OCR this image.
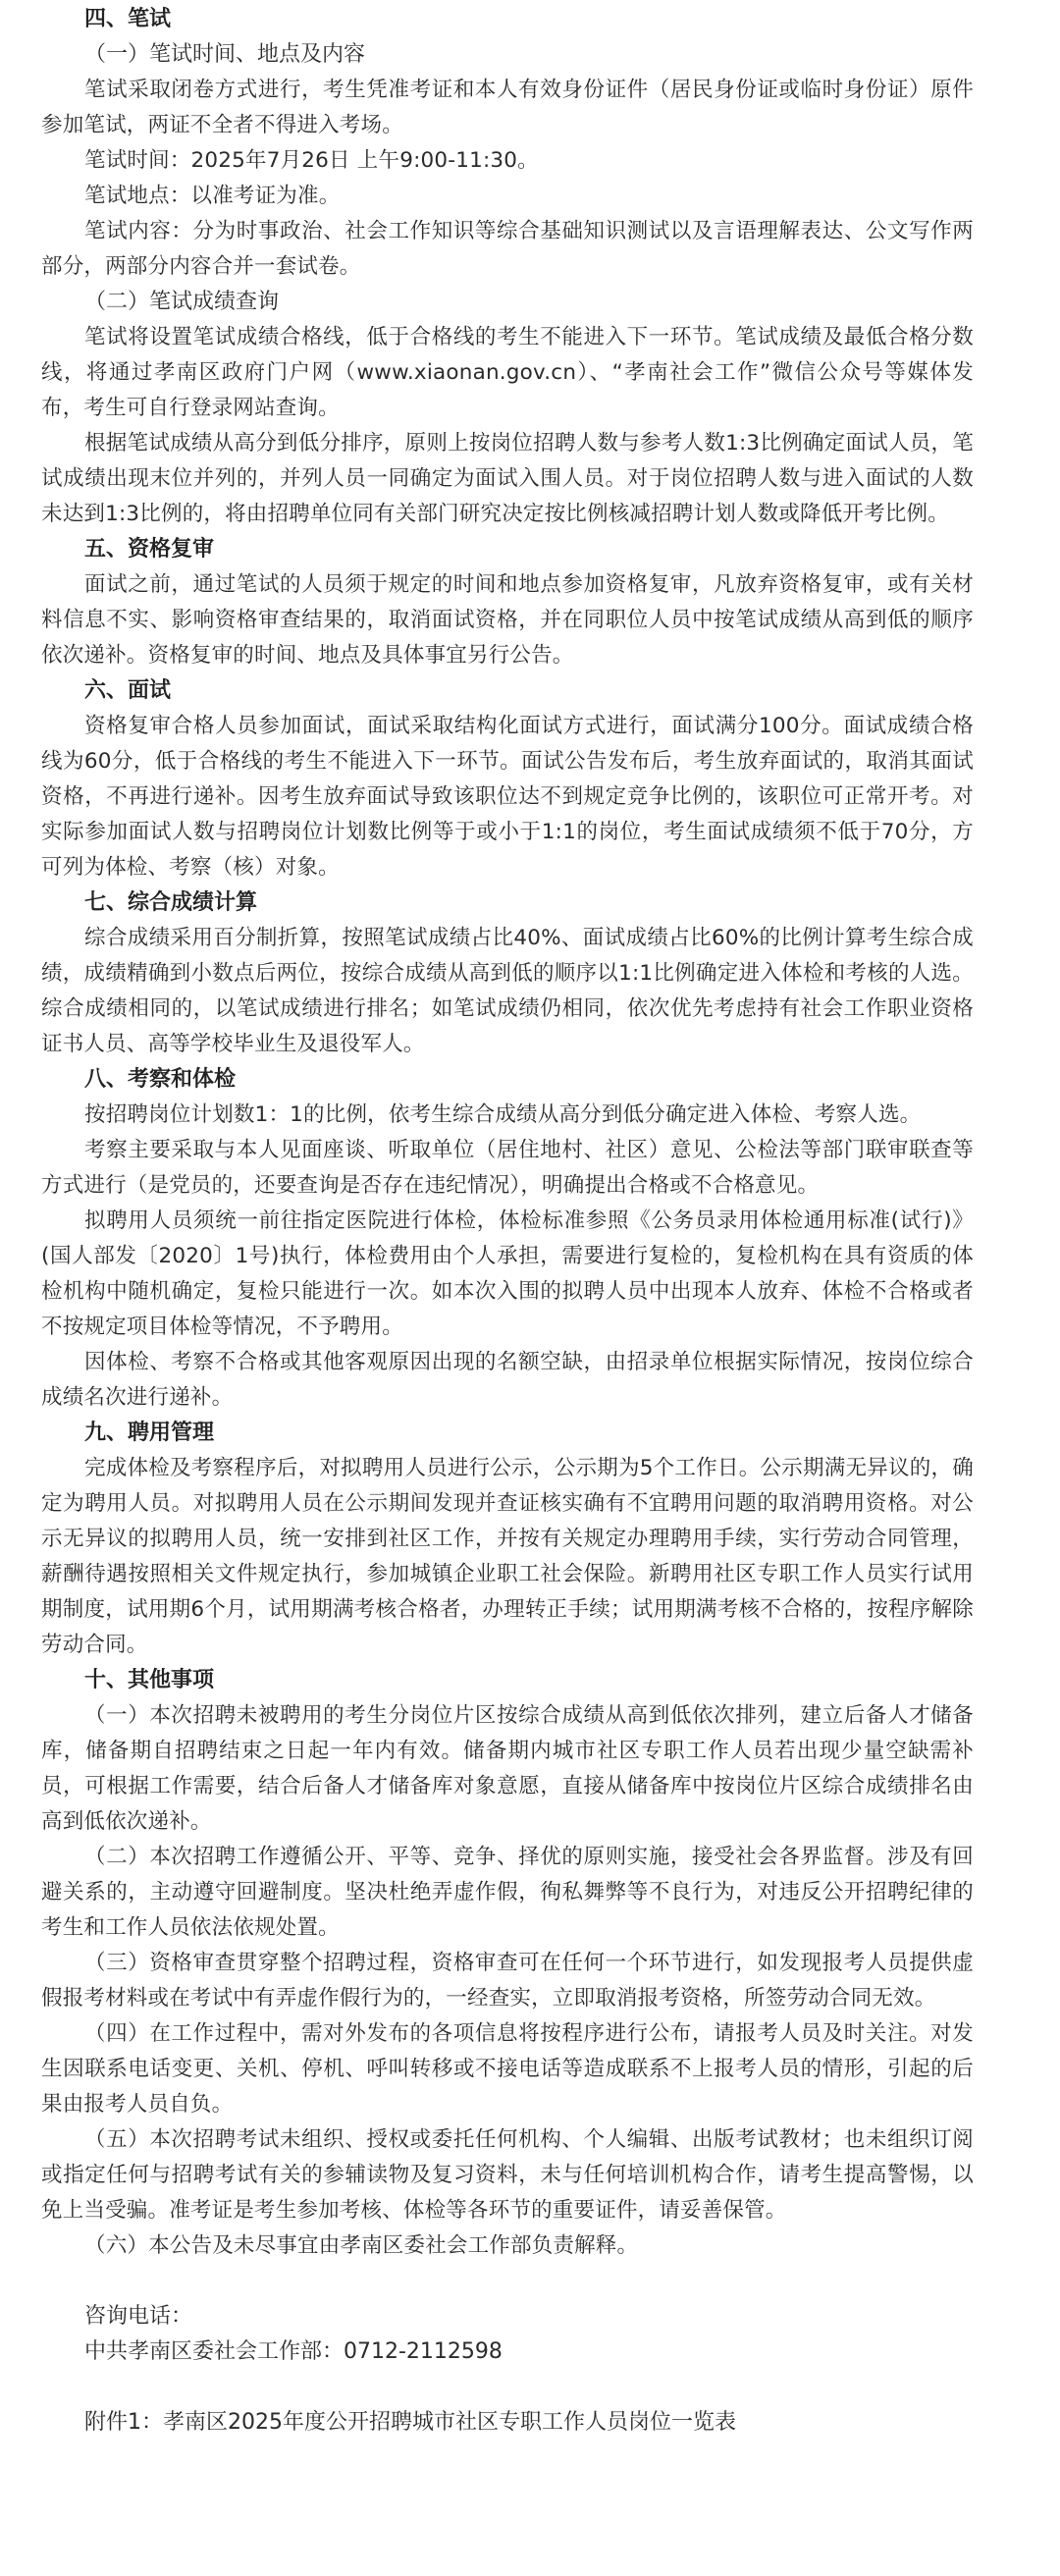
四、笔试

（一）笔试时间、地点及内容

笔试采取闭卷方式进行，考生凭准考证和本人有效身份证件（居民身份证或临时身份证）原件参加笔试，两证不全者不得进入考场。

笔试时间：2025年7月26日 上午9:00-11:30。

笔试地点：以准考证为准。

笔试内容：分为时事政治、社会工作知识等综合基础知识测试以及言语理解表达、公文写作两部分，两部分内容合并一套试卷。

（二）笔试成绩查询

笔试将设置笔试成绩合格线，低于合格线的考生不能进入下一环节。笔试成绩及最低合格分数线，将通过孝南区政府门户网（www.xiaonan.gov.cn）、“孝南社会工作”微信公众号等媒体发布，考生可自行登录网站查询。

根据笔试成绩从高分到低分排序，原则上按岗位招聘人数与参考人数1:3比例确定面试人员，笔试成绩出现末位并列的，并列人员一同确定为面试入围人员。对于岗位招聘人数与进入面试的人数未达到1:3比例的，将由招聘单位同有关部门研究决定按比例核减招聘计划人数或降低开考比例。

五、资格复审

面试之前，通过笔试的人员须于规定的时间和地点参加资格复审，凡放弃资格复审，或有关材料信息不实、影响资格审查结果的，取消面试资格，并在同职位人员中按笔试成绩从高到低的顺序依次递补。资格复审的时间、地点及具体事宜另行公告。

六、面试

资格复审合格人员参加面试，面试采取结构化面试方式进行，面试满分100分。面试成绩合格线为60分，低于合格线的考生不能进入下一环节。面试公告发布后，考生放弃面试的，取消其面试资格，不再进行递补。因考生放弃面试导致该职位达不到规定竞争比例的，该职位可正常开考。对实际参加面试人数与招聘岗位计划数比例等于或小于1:1的岗位，考生面试成绩须不低于70分，方可列为体检、考察（核）对象。

七、综合成绩计算

综合成绩采用百分制折算，按照笔试成绩占比40%、面试成绩占比60%的比例计算考生综合成绩，成绩精确到小数点后两位，按综合成绩从高到低的顺序以1:1比例确定进入体检和考核的人选。综合成绩相同的，以笔试成绩进行排名；如笔试成绩仍相同，依次优先考虑持有社会工作职业资格证书人员、高等学校毕业生及退役军人。

八、考察和体检

按招聘岗位计划数1：1的比例，依考生综合成绩从高分到低分确定进入体检、考察人选。

考察主要采取与本人见面座谈、听取单位（居住地村、社区）意见、公检法等部门联审联查等方式进行（是党员的，还要查询是否存在违纪情况），明确提出合格或不合格意见。

拟聘用人员须统一前往指定医院进行体检，体检标准参照《公务员录用体检通用标准(试行)》(国人部发〔2020〕1号)执行，体检费用由个人承担，需要进行复检的，复检机构在具有资质的体检机构中随机确定，复检只能进行一次。如本次入围的拟聘人员中出现本人放弃、体检不合格或者不按规定项目体检等情况，不予聘用。

因体检、考察不合格或其他客观原因出现的名额空缺，由招录单位根据实际情况，按岗位综合成绩名次进行递补。

九、聘用管理

完成体检及考察程序后，对拟聘用人员进行公示，公示期为5个工作日。公示期满无异议的，确定为聘用人员。对拟聘用人员在公示期间发现并查证核实确有不宜聘用问题的取消聘用资格。对公示无异议的拟聘用人员，统一安排到社区工作，并按有关规定办理聘用手续，实行劳动合同管理，薪酬待遇按照相关文件规定执行，参加城镇企业职工社会保险。新聘用社区专职工作人员实行试用期制度，试用期6个月，试用期满考核合格者，办理转正手续；试用期满考核不合格的，按程序解除劳动合同。

十、其他事项

（一）本次招聘未被聘用的考生分岗位片区按综合成绩从高到低依次排列，建立后备人才储备库，储备期自招聘结束之日起一年内有效。储备期内城市社区专职工作人员若出现少量空缺需补员，可根据工作需要，结合后备人才储备库对象意愿，直接从储备库中按岗位片区综合成绩排名由高到低依次递补。

（二）本次招聘工作遵循公开、平等、竞争、择优的原则实施，接受社会各界监督。涉及有回避关系的，主动遵守回避制度。坚决杜绝弄虚作假，徇私舞弊等不良行为，对违反公开招聘纪律的考生和工作人员依法依规处置。

（三）资格审查贯穿整个招聘过程，资格审查可在任何一个环节进行，如发现报考人员提供虚假报考材料或在考试中有弄虚作假行为的，一经查实，立即取消报考资格，所签劳动合同无效。

（四）在工作过程中，需对外发布的各项信息将按程序进行公布，请报考人员及时关注。对发生因联系电话变更、关机、停机、呼叫转移或不接电话等造成联系不上报考人员的情形，引起的后果由报考人员自负。

（五）本次招聘考试未组织、授权或委托任何机构、个人编辑、出版考试教材；也未组织订阅或指定任何与招聘考试有关的参辅读物及复习资料，未与任何培训机构合作，请考生提高警惕，以免上当受骗。准考证是考生参加考核、体检等各环节的重要证件，请妥善保管。

（六）本公告及未尽事宜由孝南区委社会工作部负责解释。

咨询电话：

中共孝南区委社会工作部：0712-2112598

附件1：孝南区2025年度公开招聘城市社区专职工作人员岗位一览表
